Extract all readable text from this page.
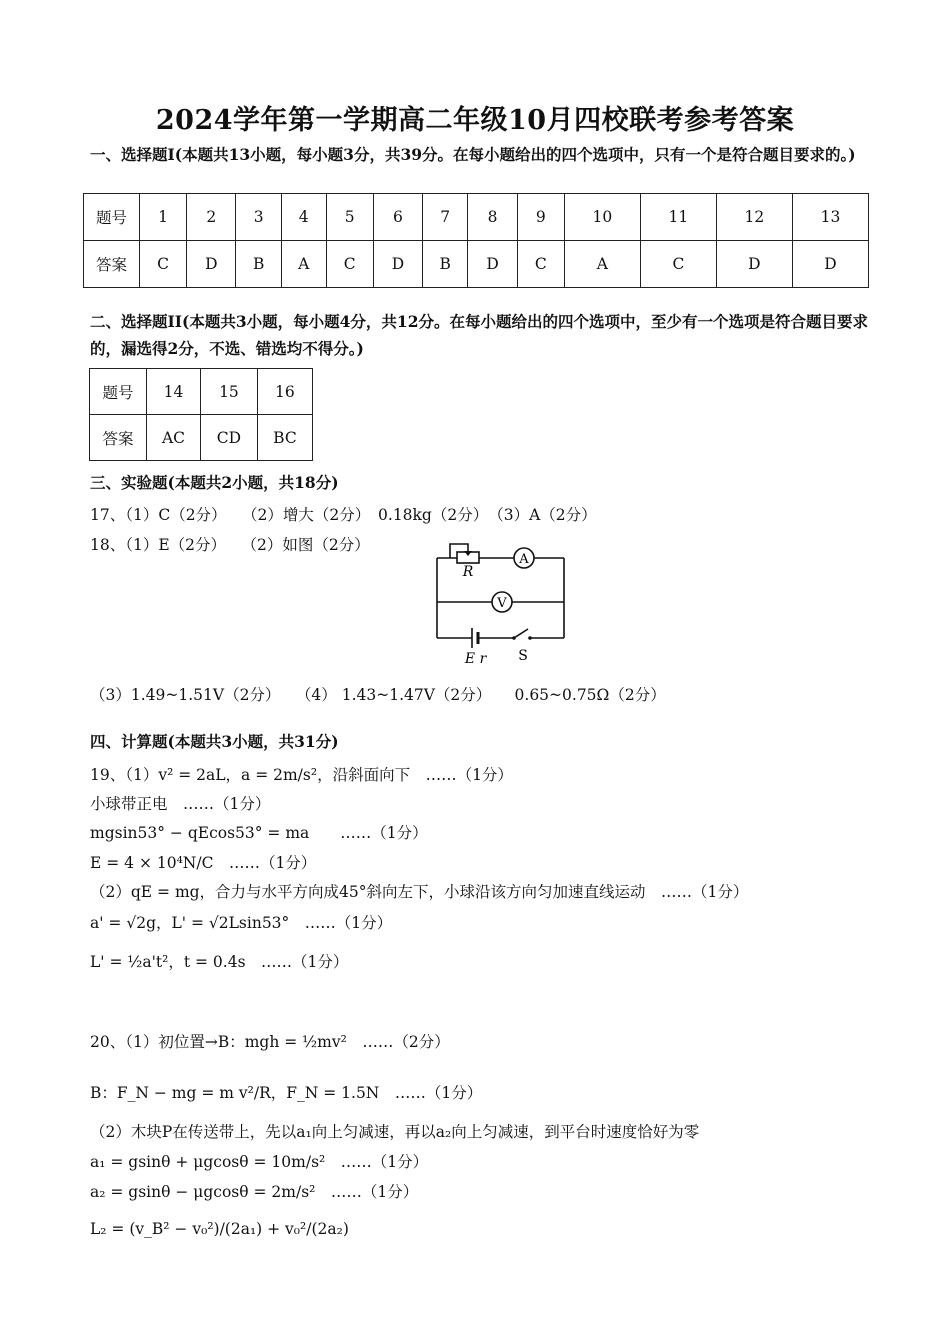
2024学年第一学期高二年级10月四校联考参考答案
一、选择题I(本题共13小题，每小题3分，共39分。在每小题给出的四个选项中，只有一个是符合题目要求的。)
题号	1	2	3	4	5	6	7	8	9	10	11	12	13
答案	C	D	B	A	C	D	B	D	C	A	C	D	D
二、选择题II(本题共3小题，每小题4分，共12分。在每小题给出的四个选项中，至少有一个选项是符合题目要求的，漏选得2分，不选、错选均不得分。)
题号	14	15	16
答案	AC	CD	BC
三、实验题(本题共2小题，共18分)
17、（1）C（2分）　　（2）增大（2分）　0.18kg（2分）　（3）A（2分）
18、（1）E（2分）　　（2）如图（2分）
A
V
R
E r S
（3）1.49~1.51V（2分）　　（4） 1.43~1.47V（2分）　　0.65~0.75Ω（2分）
四、计算题(本题共3小题，共31分)
19、（1）v² = 2aL，a = 2m/s²，沿斜面向下　……（1分）
小球带正电　……（1分）
mgsin53° − qEcos53° = ma　　……（1分）
E = 4 × 10⁴N/C　……（1分）
（2）qE = mg，合力与水平方向成45°斜向左下，小球沿该方向匀加速直线运动　……（1分）
a' = √2g，L' = √2Lsin53°　……（1分）
L' = ½a't²，t = 0.4s　……（1分）
20、（1）初位置→B：mgh = ½mv²　……（2分）
B：F_N − mg = m v²/R，F_N = 1.5N　……（1分）
（2）木块P在传送带上，先以a₁向上匀减速，再以a₂向上匀减速，到平台时速度恰好为零
a₁ = gsinθ + μgcosθ = 10m/s²　……（1分）
a₂ = gsinθ − μgcosθ = 2m/s²　……（1分）
L₂ = (v_B² − v₀²)/(2a₁) + v₀²/(2a₂)
